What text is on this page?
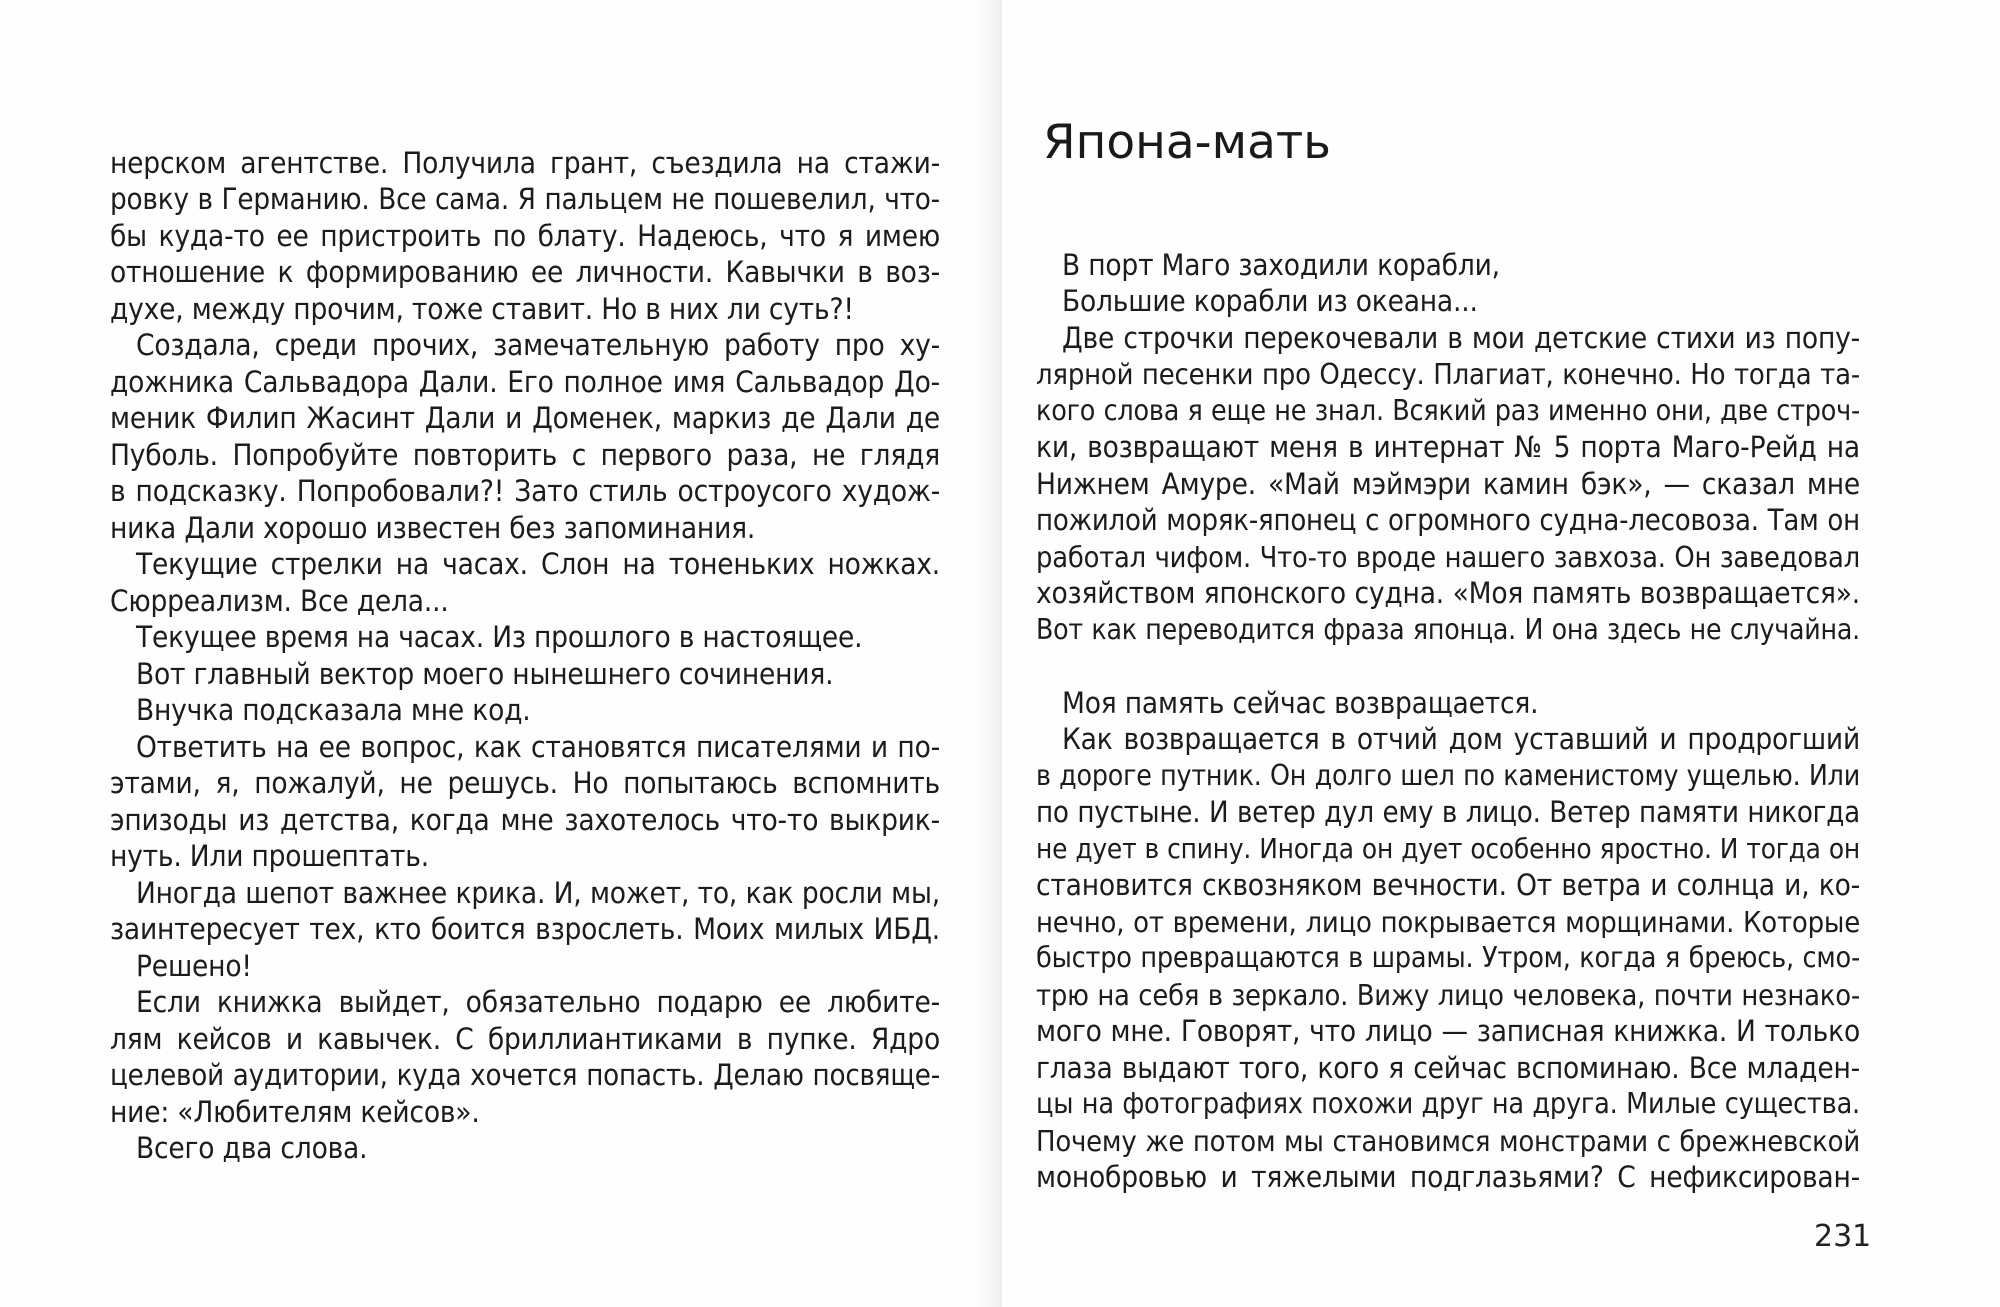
нерском агентстве. Получила грант, съездила на стажи-
ровку в Германию. Все сама. Я пальцем не пошевелил, что-
бы куда-то ее пристроить по блату. Надеюсь, что я имею
отношение к формированию ее личности. Кавычки в воз-
духе, между прочим, тоже ставит. Но в них ли суть?!
Создала, среди прочих, замечательную работу про ху-
дожника Сальвадора Дали. Его полное имя Сальвадор До-
меник Филип Жасинт Дали и Доменек, маркиз де Дали де
Пуболь. Попробуйте повторить с первого раза, не глядя
в подсказку. Попробовали?! Зато стиль остроусого худож-
ника Дали хорошо известен без запоминания.
Текущие стрелки на часах. Слон на тоненьких ножках.
Сюрреализм. Все дела...
Текущее время на часах. Из прошлого в настоящее.
Вот главный вектор моего нынешнего сочинения.
Внучка подсказала мне код.
Ответить на ее вопрос, как становятся писателями и по-
этами, я, пожалуй, не решусь. Но попытаюсь вспомнить
эпизоды из детства, когда мне захотелось что-то выкрик-
нуть. Или прошептать.
Иногда шепот важнее крика. И, может, то, как росли мы,
заинтересует тех, кто боится взрослеть. Моих милых ИБД.
Решено!
Если книжка выйдет, обязательно подарю ее любите-
лям кейсов и кавычек. С бриллиантиками в пупке. Ядро
целевой аудитории, куда хочется попасть. Делаю посвяще-
ние: «Любителям кейсов».
Всего два слова.
Япона-мать
В порт Маго заходили корабли,
Большие корабли из океана...
Две строчки перекочевали в мои детские стихи из попу-
лярной песенки про Одессу. Плагиат, конечно. Но тогда та-
кого слова я еще не знал. Всякий раз именно они, две строч-
ки, возвращают меня в интернат № 5 порта Маго-Рейд на
Нижнем Амуре. «Май мэймэри камин бэк», — сказал мне
пожилой моряк-японец с огромного судна-лесовоза. Там он
работал чифом. Что-то вроде нашего завхоза. Он заведовал
хозяйством японского судна. «Моя память возвращается».
Вот как переводится фраза японца. И она здесь не случайна.
Моя память сейчас возвращается.
Как возвращается в отчий дом уставший и продрогший
в дороге путник. Он долго шел по каменистому ущелью. Или
по пустыне. И ветер дул ему в лицо. Ветер памяти никогда
не дует в спину. Иногда он дует особенно яростно. И тогда он
становится сквозняком вечности. От ветра и солнца и, ко-
нечно, от времени, лицо покрывается морщинами. Которые
быстро превращаются в шрамы. Утром, когда я бреюсь, смо-
трю на себя в зеркало. Вижу лицо человека, почти незнако-
мого мне. Говорят, что лицо — записная книжка. И только
глаза выдают того, кого я сейчас вспоминаю. Все младен-
цы на фотографиях похожи друг на друга. Милые существа.
Почему же потом мы становимся монстрами с брежневской
монобровью и тяжелыми подглазьями? С нефиксирован-
231
